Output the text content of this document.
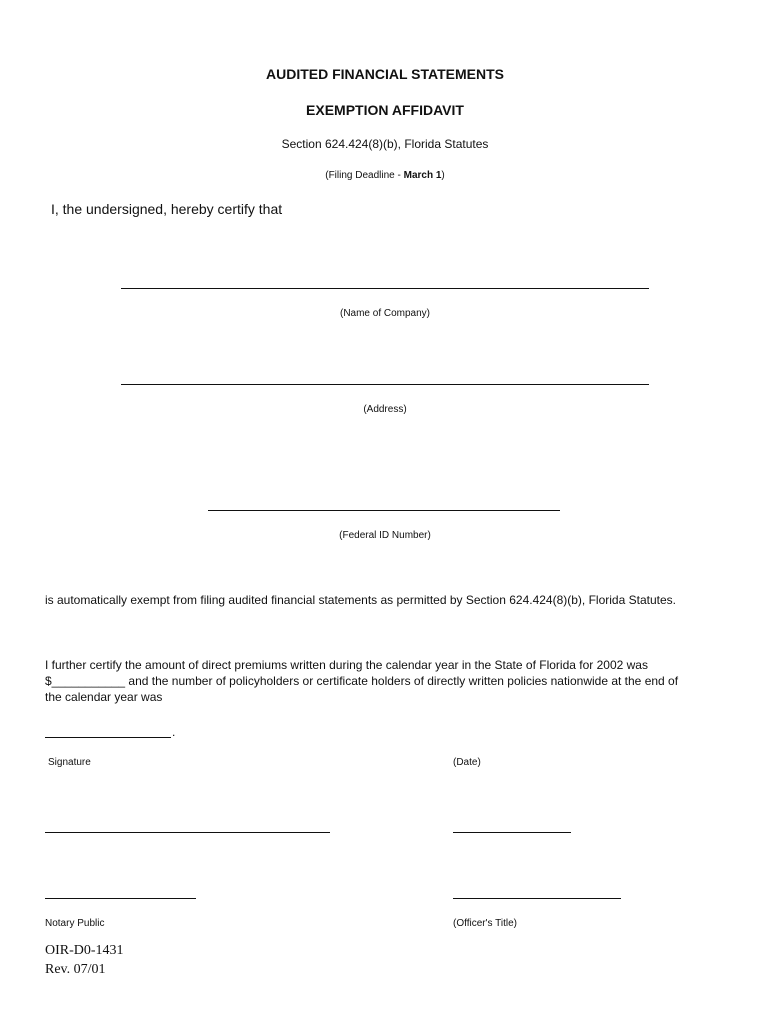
AUDITED FINANCIAL STATEMENTS
EXEMPTION AFFIDAVIT
Section 624.424(8)(b), Florida Statutes
(Filing Deadline - March 1)
I, the undersigned, hereby certify that
(Name of Company)
(Address)
(Federal ID Number)
is automatically exempt from filing audited financial statements as permitted by Section 624.424(8)(b), Florida Statutes.
I further certify the amount of direct premiums written during the calendar year in the State of Florida for 2002 was
$___________ and the number of policyholders or certificate holders of directly written policies nationwide at the end of
the calendar year was
.
Signature	(Date)
Notary Public	(Officer's Title)
OIR-D0-1431
Rev. 07/01
